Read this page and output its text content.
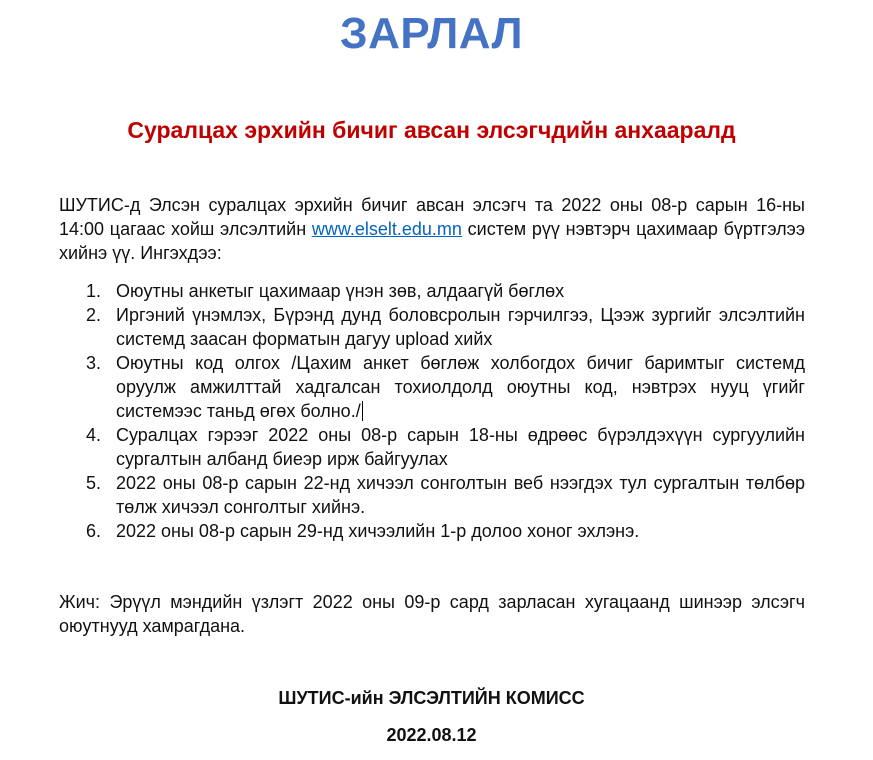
ЗАРЛАЛ
Суралцах эрхийн бичиг авсан элсэгчдийн анхааралд
ШУТИС-д Элсэн суралцах эрхийн бичиг авсан элсэгч та 2022 оны 08-р сарын 16-ны 14:00 цагаас хойш элсэлтийн www.elselt.edu.mn систем рүү нэвтэрч цахимаар бүртгэлээ хийнэ үү. Ингэхдээ:
1. Оюутны анкетыг цахимаар үнэн зөв, алдаагүй бөглөх
2. Иргэний үнэмлэх, Бүрэнд дунд боловсролын гэрчилгээ, Цээж зургийг элсэлтийн системд заасан форматын дагуу upload хийх
3. Оюутны код олгох /Цахим анкет бөглөж холбогдох бичиг баримтыг системд оруулж амжилттай хадгалсан тохиолдолд оюутны код, нэвтрэх нууц үгийг системээс таньд өгөх болно./
4. Суралцах гэрээг 2022 оны 08-р сарын 18-ны өдрөөс бүрэлдэхүүн сургуулийн сургалтын албанд биеэр ирж байгуулах
5. 2022 оны 08-р сарын 22-нд хичээл сонголтын веб нээгдэх тул сургалтын төлбөр төлж хичээл сонголтыг хийнэ.
6. 2022 оны 08-р сарын 29-нд хичээлийн 1-р долоо хоног эхлэнэ.
Жич: Эрүүл мэндийн үзлэгт 2022 оны 09-р сард зарласан хугацаанд шинээр элсэгч оюутнууд хамрагдана.
ШУТИС-ийн ЭЛСЭЛТИЙН КОМИСС
2022.08.12
